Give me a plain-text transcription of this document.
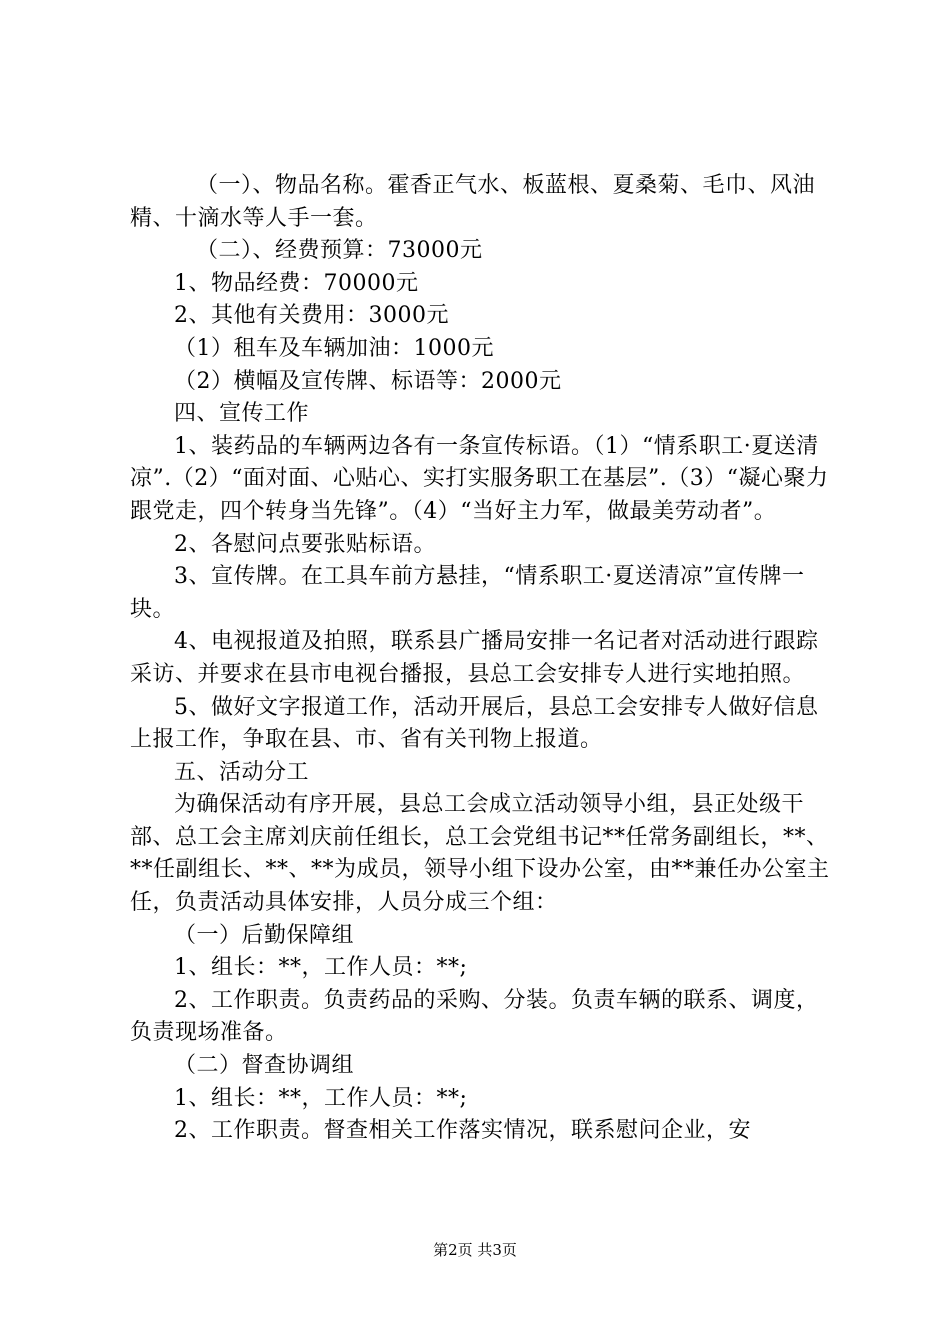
（一）、物品名称。霍香正气水、板蓝根、夏桑菊、毛巾、风油精、十滴水等人手一套。

（二）、经费预算：73000元

1、物品经费：70000元

2、其他有关费用：3000元

（1）租车及车辆加油：1000元

（2）横幅及宣传牌、标语等：2000元

四、宣传工作

1、装药品的车辆两边各有一条宣传标语。（1）“情系职工·夏送清凉”.（2）“面对面、心贴心、实打实服务职工在基层”.（3）“凝心聚力跟党走，四个转身当先锋”。（4）“当好主力军，做最美劳动者”。

2、各慰问点要张贴标语。

3、宣传牌。在工具车前方悬挂，“情系职工·夏送清凉”宣传牌一块。

4、电视报道及拍照，联系县广播局安排一名记者对活动进行跟踪采访、并要求在县市电视台播报，县总工会安排专人进行实地拍照。

5、做好文字报道工作，活动开展后，县总工会安排专人做好信息上报工作，争取在县、市、省有关刊物上报道。

五、活动分工

为确保活动有序开展，县总工会成立活动领导小组，县正处级干部、总工会主席刘庆前任组长，总工会党组书记**任常务副组长，**、**任副组长、**、**为成员，领导小组下设办公室，由**兼任办公室主任，负责活动具体安排，人员分成三个组：

（一）后勤保障组

1、组长：**，工作人员：**;

2、工作职责。负责药品的采购、分装。负责车辆的联系、调度，负责现场准备。

（二）督查协调组

1、组长：**，工作人员：**;

2、工作职责。督查相关工作落实情况，联系慰问企业，安

第2页 共3页
